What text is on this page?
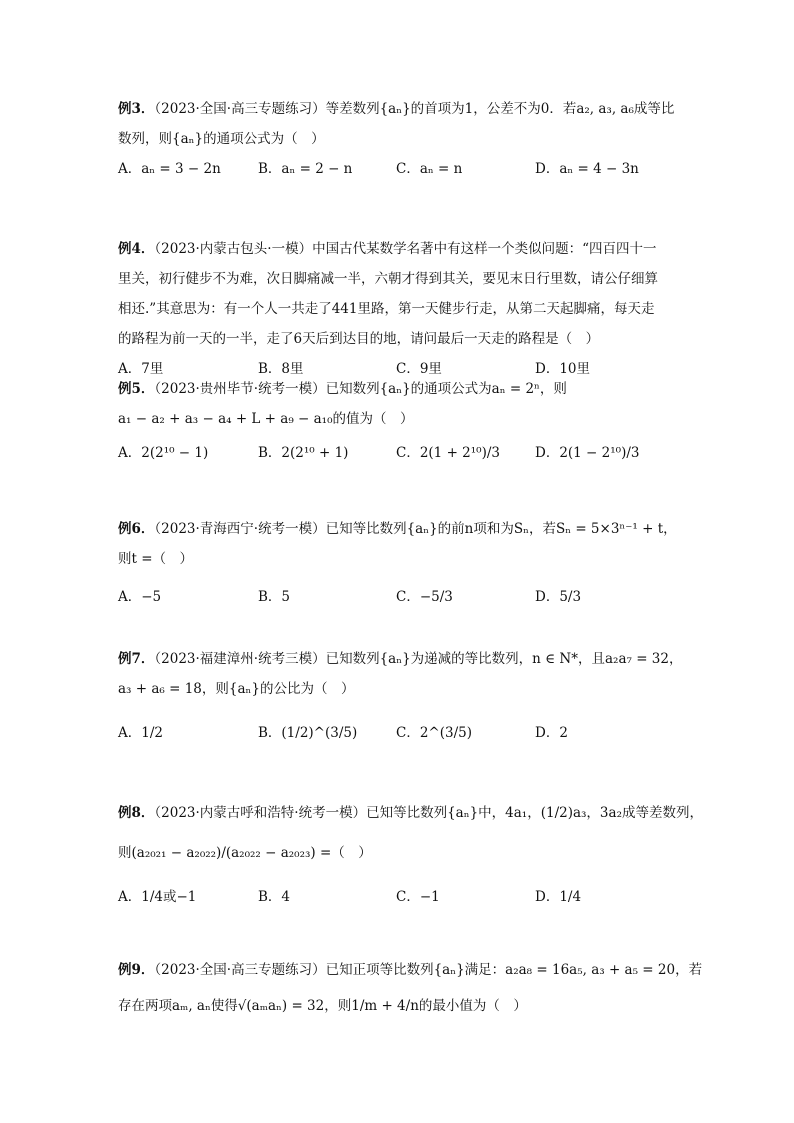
例3．（2023·全国·高三专题练习）等差数列{aₙ}的首项为1，公差不为0．若a₂, a₃, a₆成等比
数列，则{aₙ}的通项公式为（　）
A．aₙ = 3 − 2n	B．aₙ = 2 − n	C．aₙ = n	D．aₙ = 4 − 3n
例4．（2023·内蒙古包头·一模）中国古代某数学名著中有这样一个类似问题：“四百四十一
里关，初行健步不为难，次日脚痛减一半，六朝才得到其关，要见末日行里数，请公仔细算
相还.”其意思为：有一个人一共走了441里路，第一天健步行走，从第二天起脚痛，每天走
的路程为前一天的一半，走了6天后到达目的地，请问最后一天走的路程是（　）
A．7里	B．8里	C．9里	D．10里
例5．（2023·贵州毕节·统考一模）已知数列{aₙ}的通项公式为aₙ = 2ⁿ，则
a₁ − a₂ + a₃ − a₄ + L + a₉ − a₁₀的值为（　）
A．2(2¹⁰ − 1)	B．2(2¹⁰ + 1)	C．2(1 + 2¹⁰)/3	D．2(1 − 2¹⁰)/3
例6．（2023·青海西宁·统考一模）已知等比数列{aₙ}的前n项和为Sₙ，若Sₙ = 5×3ⁿ⁻¹ + t，
则t =（　）
A．−5	B．5	C．−5/3	D．5/3
例7．（2023·福建漳州·统考三模）已知数列{aₙ}为递减的等比数列，n ∈ N*，且a₂a₇ = 32，
a₃ + a₆ = 18，则{aₙ}的公比为（　）
A．1/2	B．(1/2)^(3/5)	C．2^(3/5)	D．2
例8．（2023·内蒙古呼和浩特·统考一模）已知等比数列{aₙ}中，4a₁，(1/2)a₃，3a₂成等差数列，
则(a₂₀₂₁ − a₂₀₂₂)/(a₂₀₂₂ − a₂₀₂₃) =（　）
A．1/4或−1	B．4	C．−1	D．1/4
例9．（2023·全国·高三专题练习）已知正项等比数列{aₙ}满足：a₂a₈ = 16a₅, a₃ + a₅ = 20，若
存在两项aₘ, aₙ使得√(aₘaₙ) = 32，则1/m + 4/n的最小值为（　）
